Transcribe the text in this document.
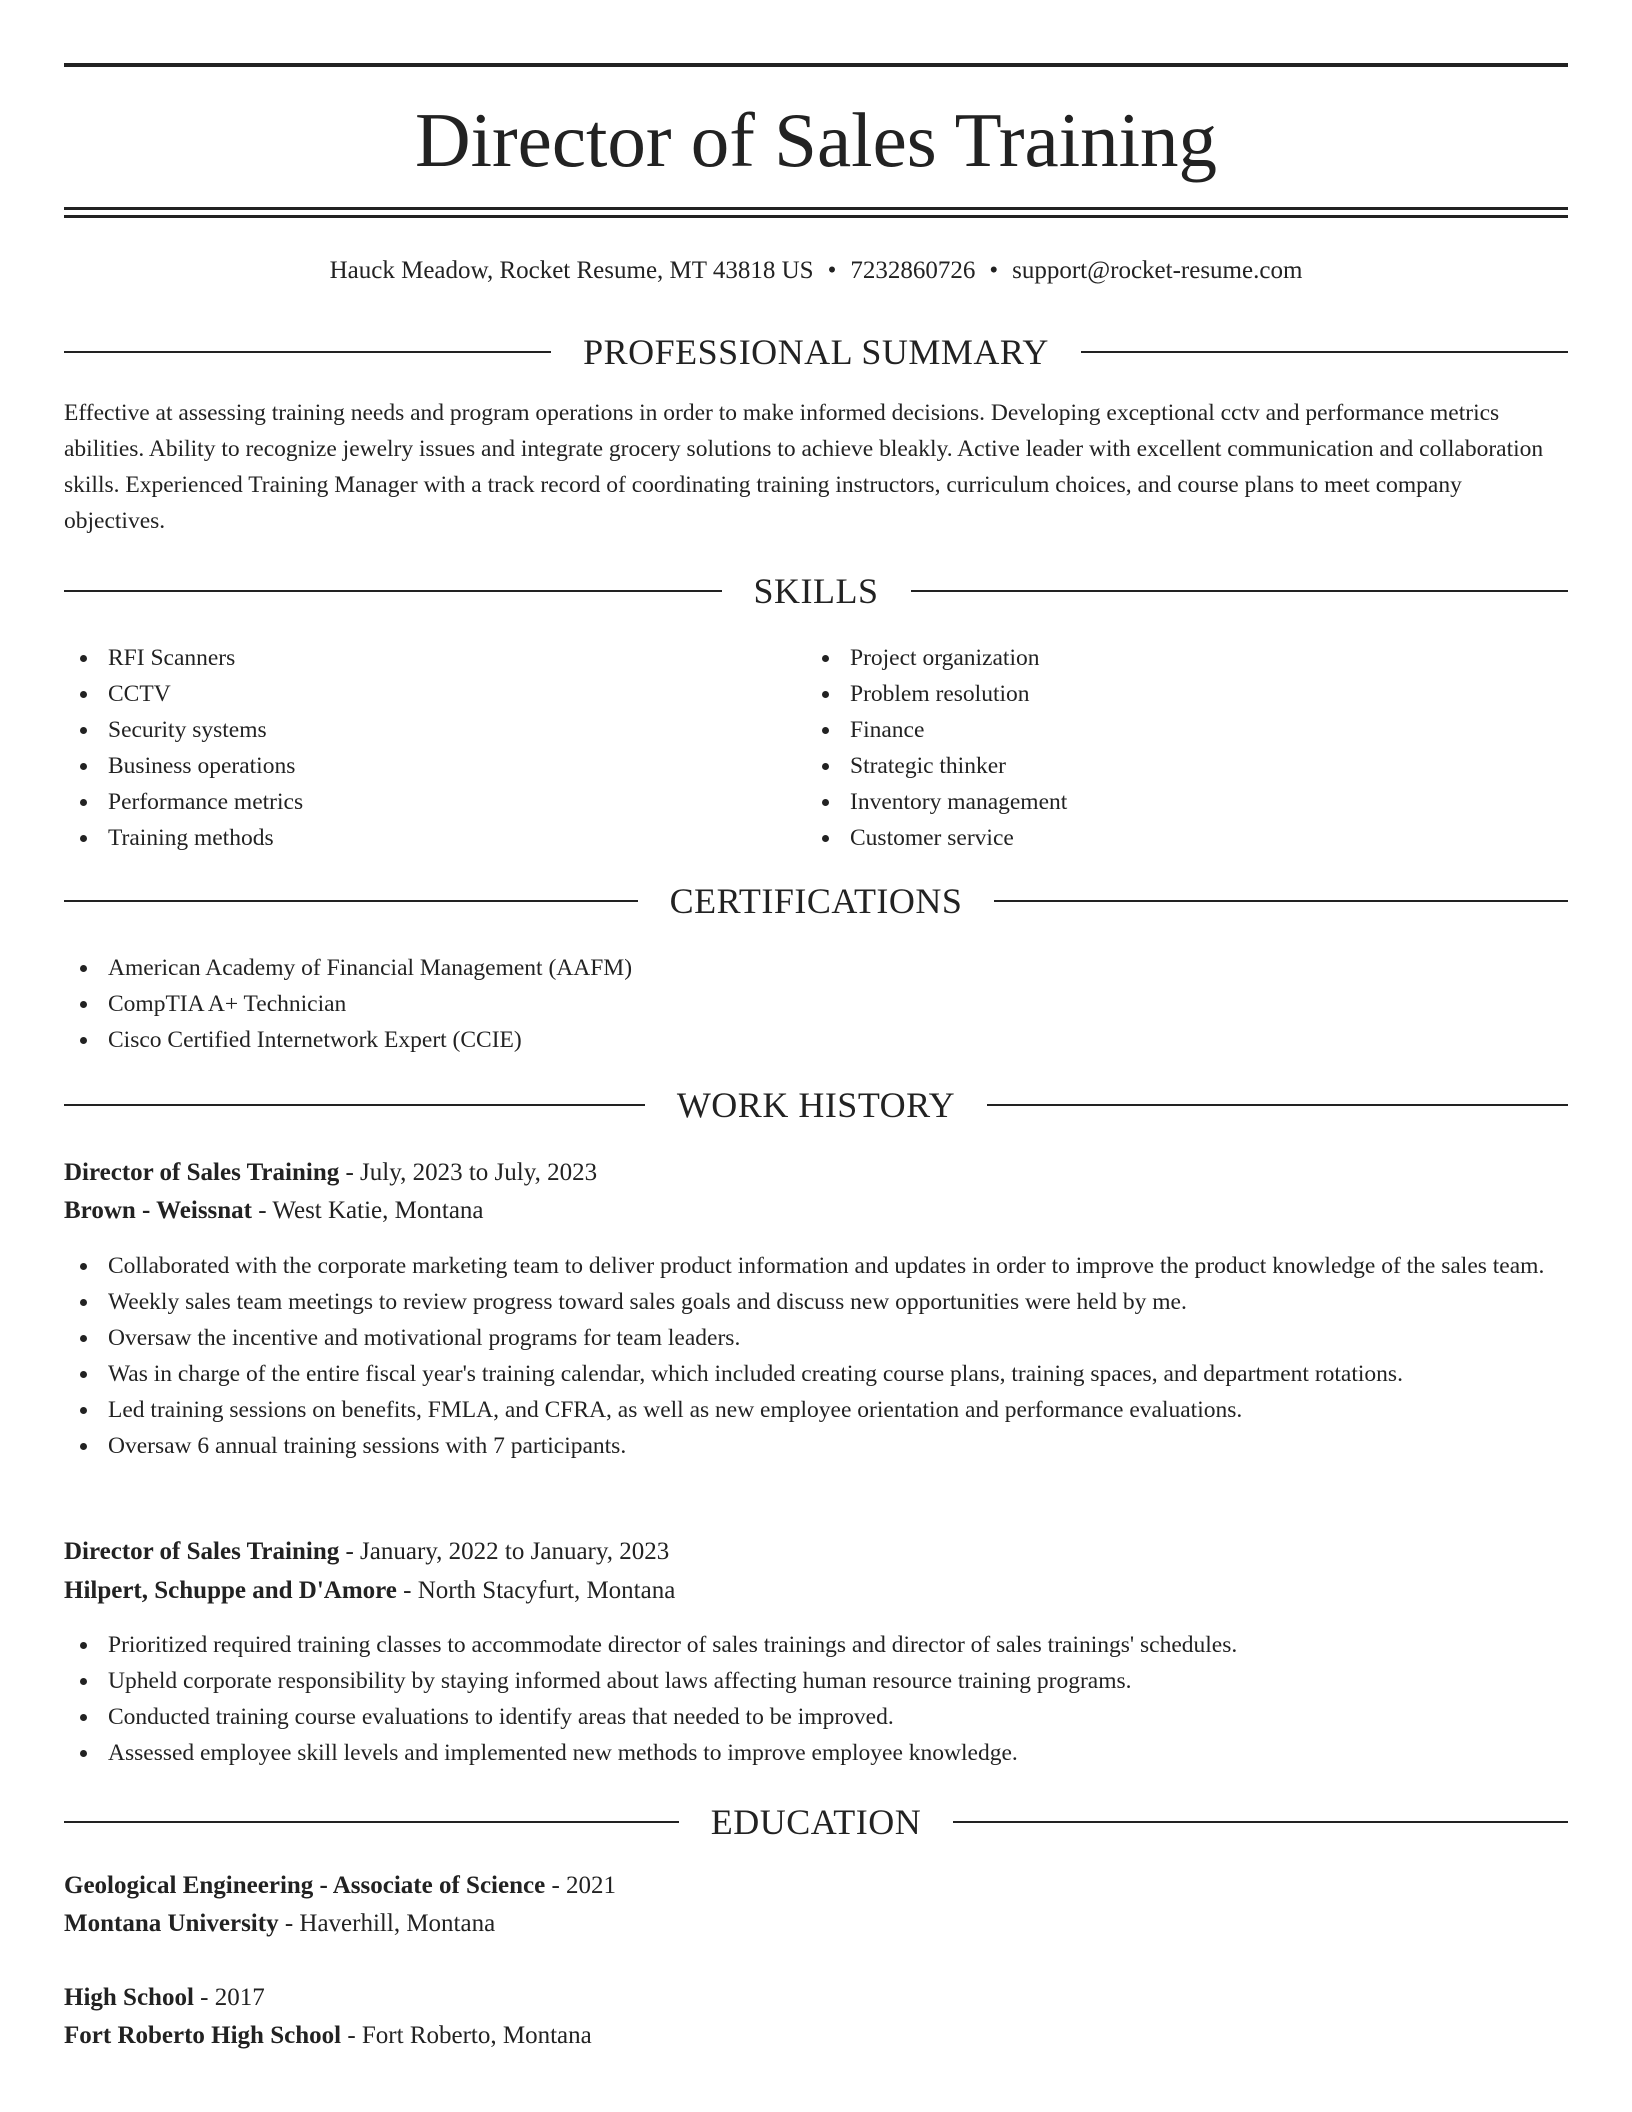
Director of Sales Training
Hauck Meadow, Rocket Resume, MT 43818 US • 7232860726 • support@rocket-resume.com
PROFESSIONAL SUMMARY

Effective at assessing training needs and program operations in order to make informed decisions. Developing exceptional cctv and performance metrics abilities. Ability to recognize jewelry issues and integrate grocery solutions to achieve bleakly. Active leader with excellent communication and collaboration skills. Experienced Training Manager with a track record of coordinating training instructors, curriculum choices, and course plans to meet company objectives.

SKILLS
RFI Scanners
CCTV
Security systems
Business operations
Performance metrics
Training methods
Project organization
Problem resolution
Finance
Strategic thinker
Inventory management
Customer service
CERTIFICATIONS
American Academy of Financial Management (AAFM)
CompTIA A+ Technician
Cisco Certified Internetwork Expert (CCIE)
WORK HISTORY
Director of Sales Training - July, 2023 to July, 2023
Brown - Weissnat - West Katie, Montana
Collaborated with the corporate marketing team to deliver product information and updates in order to improve the product knowledge of the sales team.
Weekly sales team meetings to review progress toward sales goals and discuss new opportunities were held by me.
Oversaw the incentive and motivational programs for team leaders.
Was in charge of the entire fiscal year's training calendar, which included creating course plans, training spaces, and department rotations.
Led training sessions on benefits, FMLA, and CFRA, as well as new employee orientation and performance evaluations.
Oversaw 6 annual training sessions with 7 participants.
Director of Sales Training - January, 2022 to January, 2023
Hilpert, Schuppe and D'Amore - North Stacyfurt, Montana
Prioritized required training classes to accommodate director of sales trainings and director of sales trainings' schedules.
Upheld corporate responsibility by staying informed about laws affecting human resource training programs.
Conducted training course evaluations to identify areas that needed to be improved.
Assessed employee skill levels and implemented new methods to improve employee knowledge.
EDUCATION
Geological Engineering - Associate of Science - 2021
Montana University - Haverhill, Montana
High School - 2017
Fort Roberto High School - Fort Roberto, Montana
